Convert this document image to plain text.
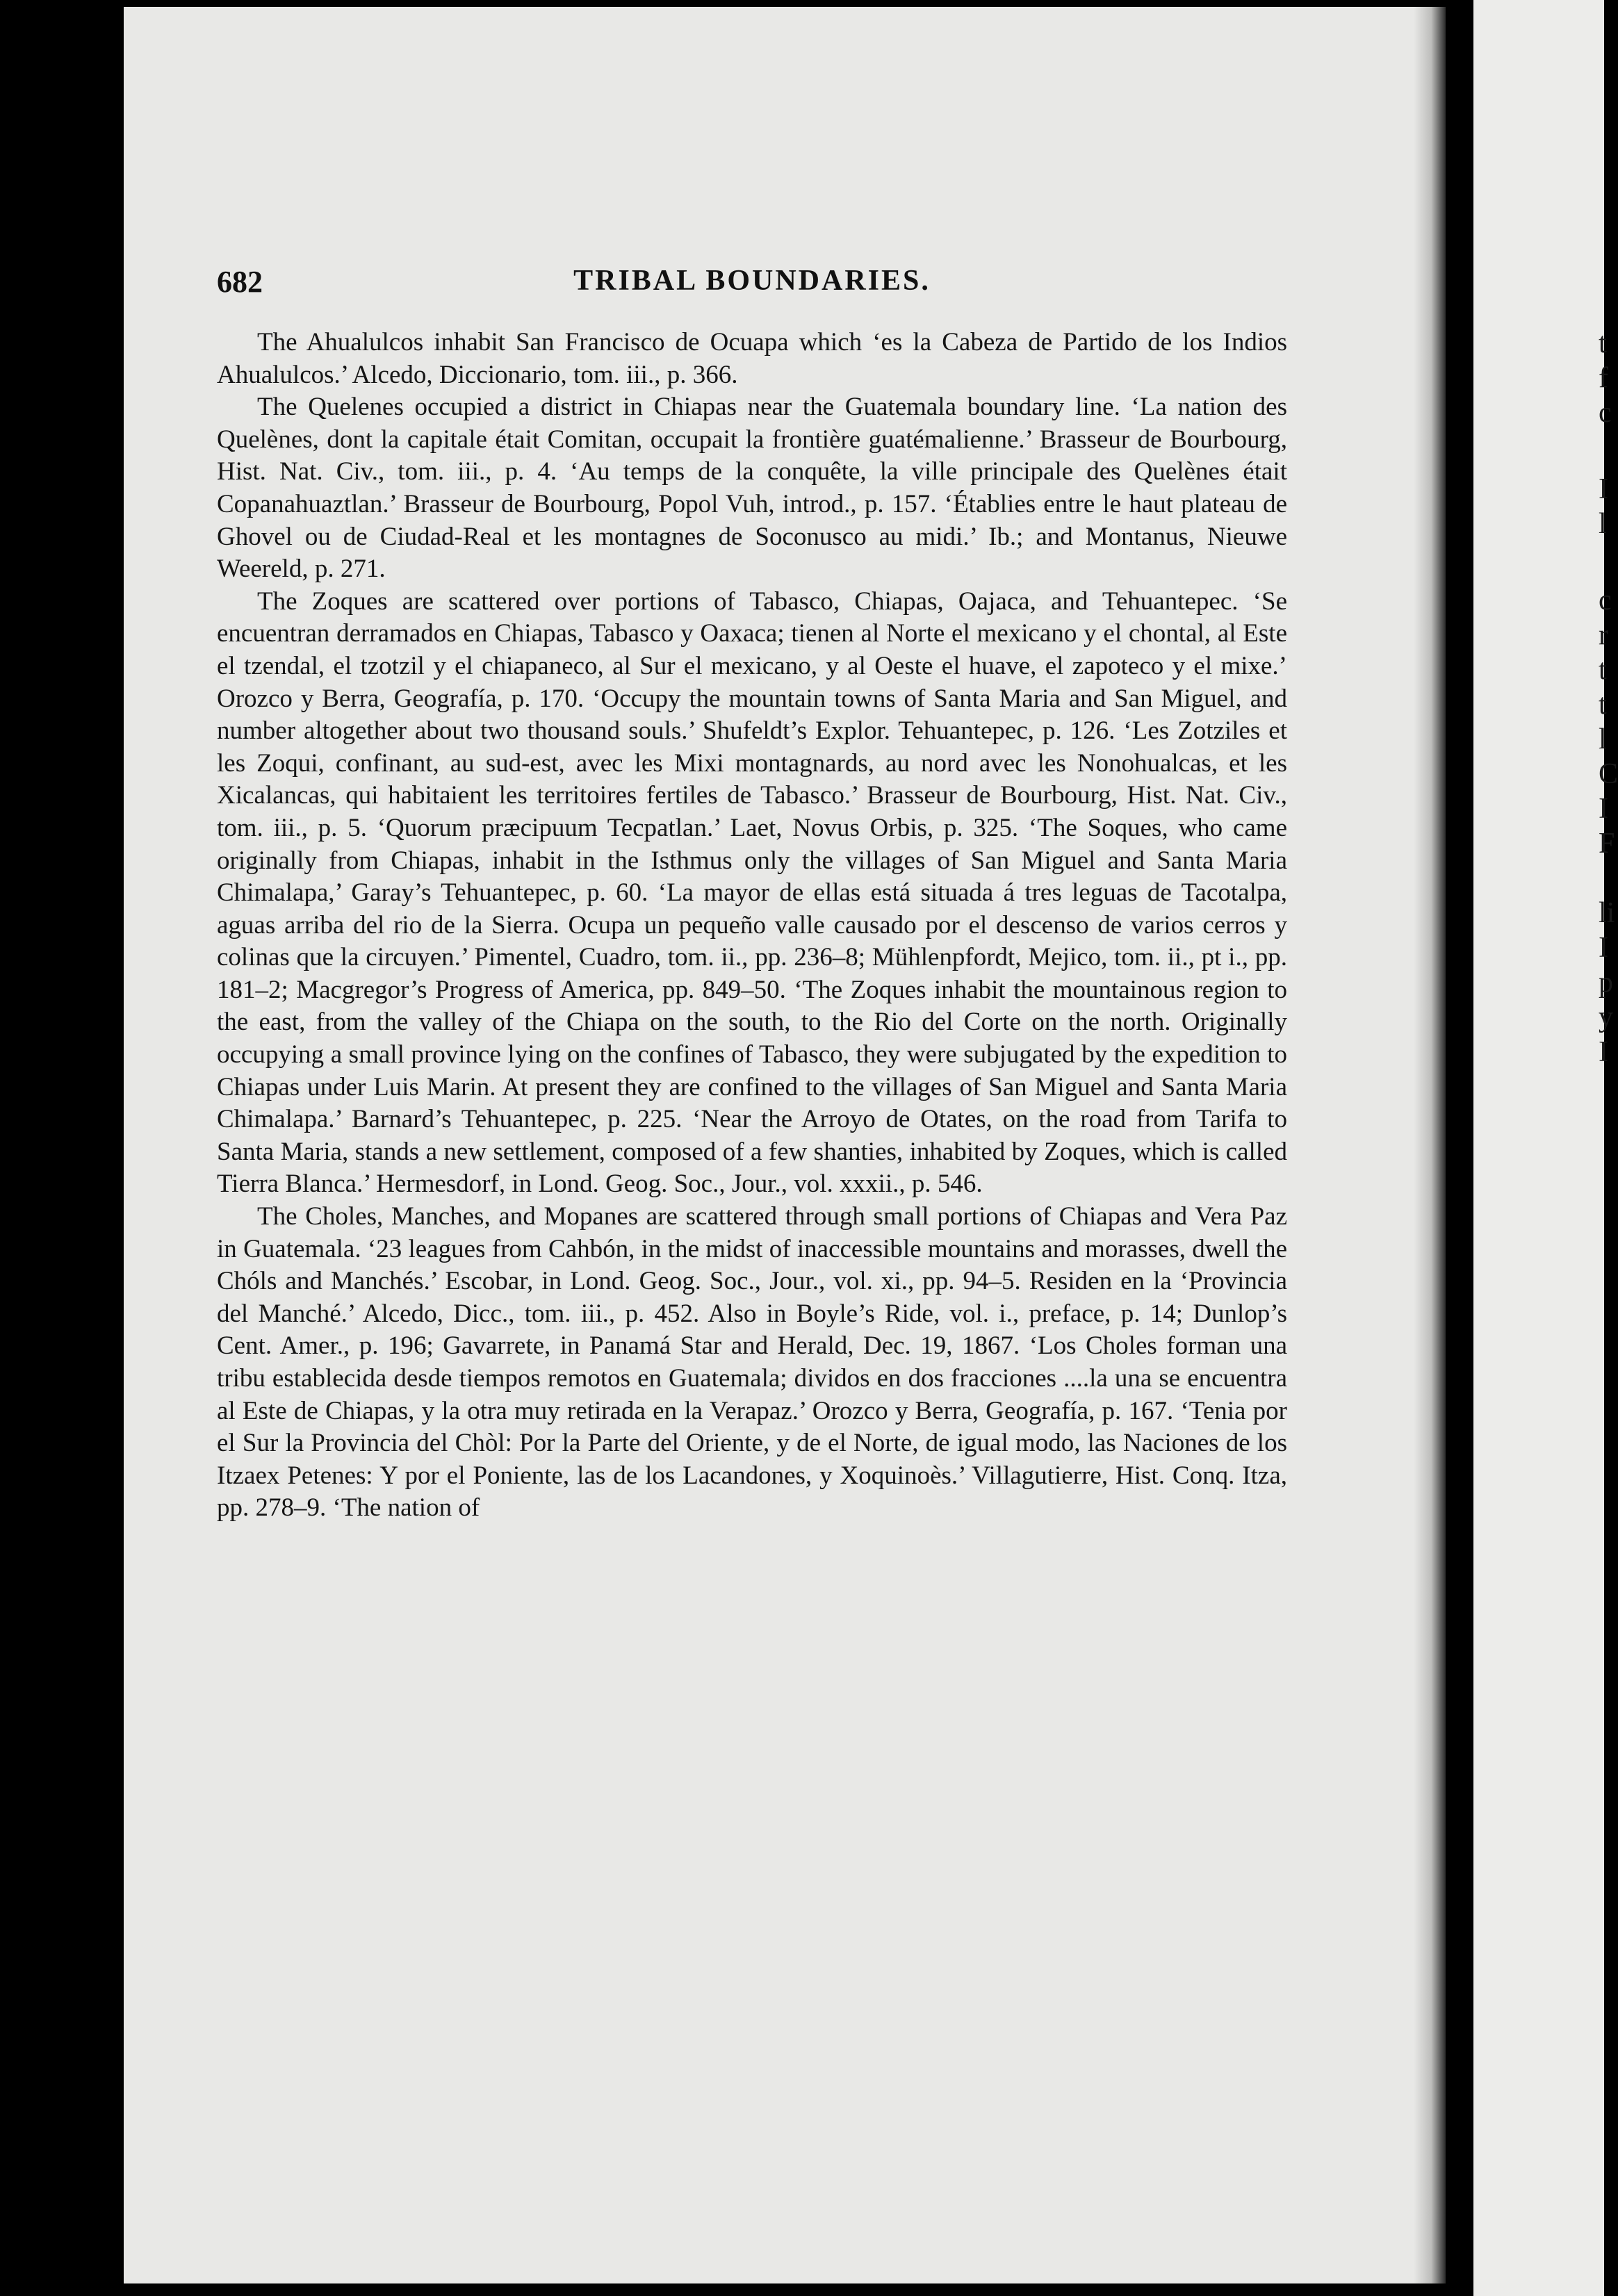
682	TRIBAL BOUNDARIES.

The Ahualulcos inhabit San Francisco de Ocuapa which ‘es la Cabeza de Partido de los Indios Ahualulcos.’ Alcedo, Diccionario, tom. iii., p. 366.

The Quelenes occupied a district in Chiapas near the Guatemala boundary line. ‘La nation des Quelènes, dont la capitale était Comitan, occupait la frontière guatémalienne.’ Brasseur de Bourbourg, Hist. Nat. Civ., tom. iii., p. 4. ‘Au temps de la conquête, la ville principale des Quelènes était Copanahuaztlan.’ Brasseur de Bourbourg, Popol Vuh, introd., p. 157. ‘Établies entre le haut plateau de Ghovel ou de Ciudad-Real et les montagnes de Soconusco au midi.’ Ib.; and Montanus, Nieuwe Weereld, p. 271.

The Zoques are scattered over portions of Tabasco, Chiapas, Oajaca, and Tehuantepec. ‘Se encuentran derramados en Chiapas, Tabasco y Oaxaca; tienen al Norte el mexicano y el chontal, al Este el tzendal, el tzotzil y el chiapaneco, al Sur el mexicano, y al Oeste el huave, el zapoteco y el mixe.’ Orozco y Berra, Geografía, p. 170. ‘Occupy the mountain towns of Santa Maria and San Miguel, and number altogether about two thousand souls.’ Shufeldt’s Explor. Tehuantepec, p. 126. ‘Les Zotziles et les Zoqui, confinant, au sud-est, avec les Mixi montagnards, au nord avec les Nonohualcas, et les Xicalancas, qui habitaient les territoires fertiles de Tabasco.’ Brasseur de Bourbourg, Hist. Nat. Civ., tom. iii., p. 5. ‘Quorum præcipuum Tecpatlan.’ Laet, Novus Orbis, p. 325. ‘The Soques, who came originally from Chiapas, inhabit in the Isthmus only the villages of San Miguel and Santa Maria Chimalapa,’ Garay’s Tehuantepec, p. 60. ‘La mayor de ellas está situada á tres leguas de Tacotalpa, aguas arriba del rio de la Sierra. Ocupa un pequeño valle causado por el descenso de varios cerros y colinas que la circuyen.’ Pimentel, Cuadro, tom. ii., pp. 236–8; Mühlenpfordt, Mejico, tom. ii., pt i., pp. 181–2; Macgregor’s Progress of America, pp. 849–50. ‘The Zoques inhabit the mountainous region to the east, from the valley of the Chiapa on the south, to the Rio del Corte on the north. Originally occupying a small province lying on the confines of Tabasco, they were subjugated by the expedition to Chiapas under Luis Marin. At present they are confined to the villages of San Miguel and Santa Maria Chimalapa.’ Barnard’s Tehuantepec, p. 225. ‘Near the Arroyo de Otates, on the road from Tarifa to Santa Maria, stands a new settlement, composed of a few shanties, inhabited by Zoques, which is called Tierra Blanca.’ Hermesdorf, in Lond. Geog. Soc., Jour., vol. xxxii., p. 546.

The Choles, Manches, and Mopanes are scattered through small portions of Chiapas and Vera Paz in Guatemala. ‘23 leagues from Cahbón, in the midst of inaccessible mountains and morasses, dwell the Chóls and Manchés.’ Escobar, in Lond. Geog. Soc., Jour., vol. xi., pp. 94–5. Residen en la ‘Provincia del Manché.’ Alcedo, Dicc., tom. iii., p. 452. Also in Boyle’s Ride, vol. i., preface, p. 14; Dunlop’s Cent. Amer., p. 196; Gavarrete, in Panamá Star and Herald, Dec. 19, 1867. ‘Los Choles forman una tribu establecida desde tiempos remotos en Guatemala; dividos en dos fracciones ....la una se encuentra al Este de Chiapas, y la otra muy retirada en la Verapaz.’ Orozco y Berra, Geografía, p. 167. ‘Tenia por el Sur la Provincia del Chòl: Por la Parte del Oriente, y de el Norte, de igual modo, las Naciones de los Itzaex Petenes: Y por el Poniente, las de los Lacandones, y Xoquinoès.’ Villagutierre, Hist. Conq. Itza, pp. 278–9. ‘The nation of

t
f
c
I
l
c
r
t
t
l
C
I
F
li
I
p
y
I
